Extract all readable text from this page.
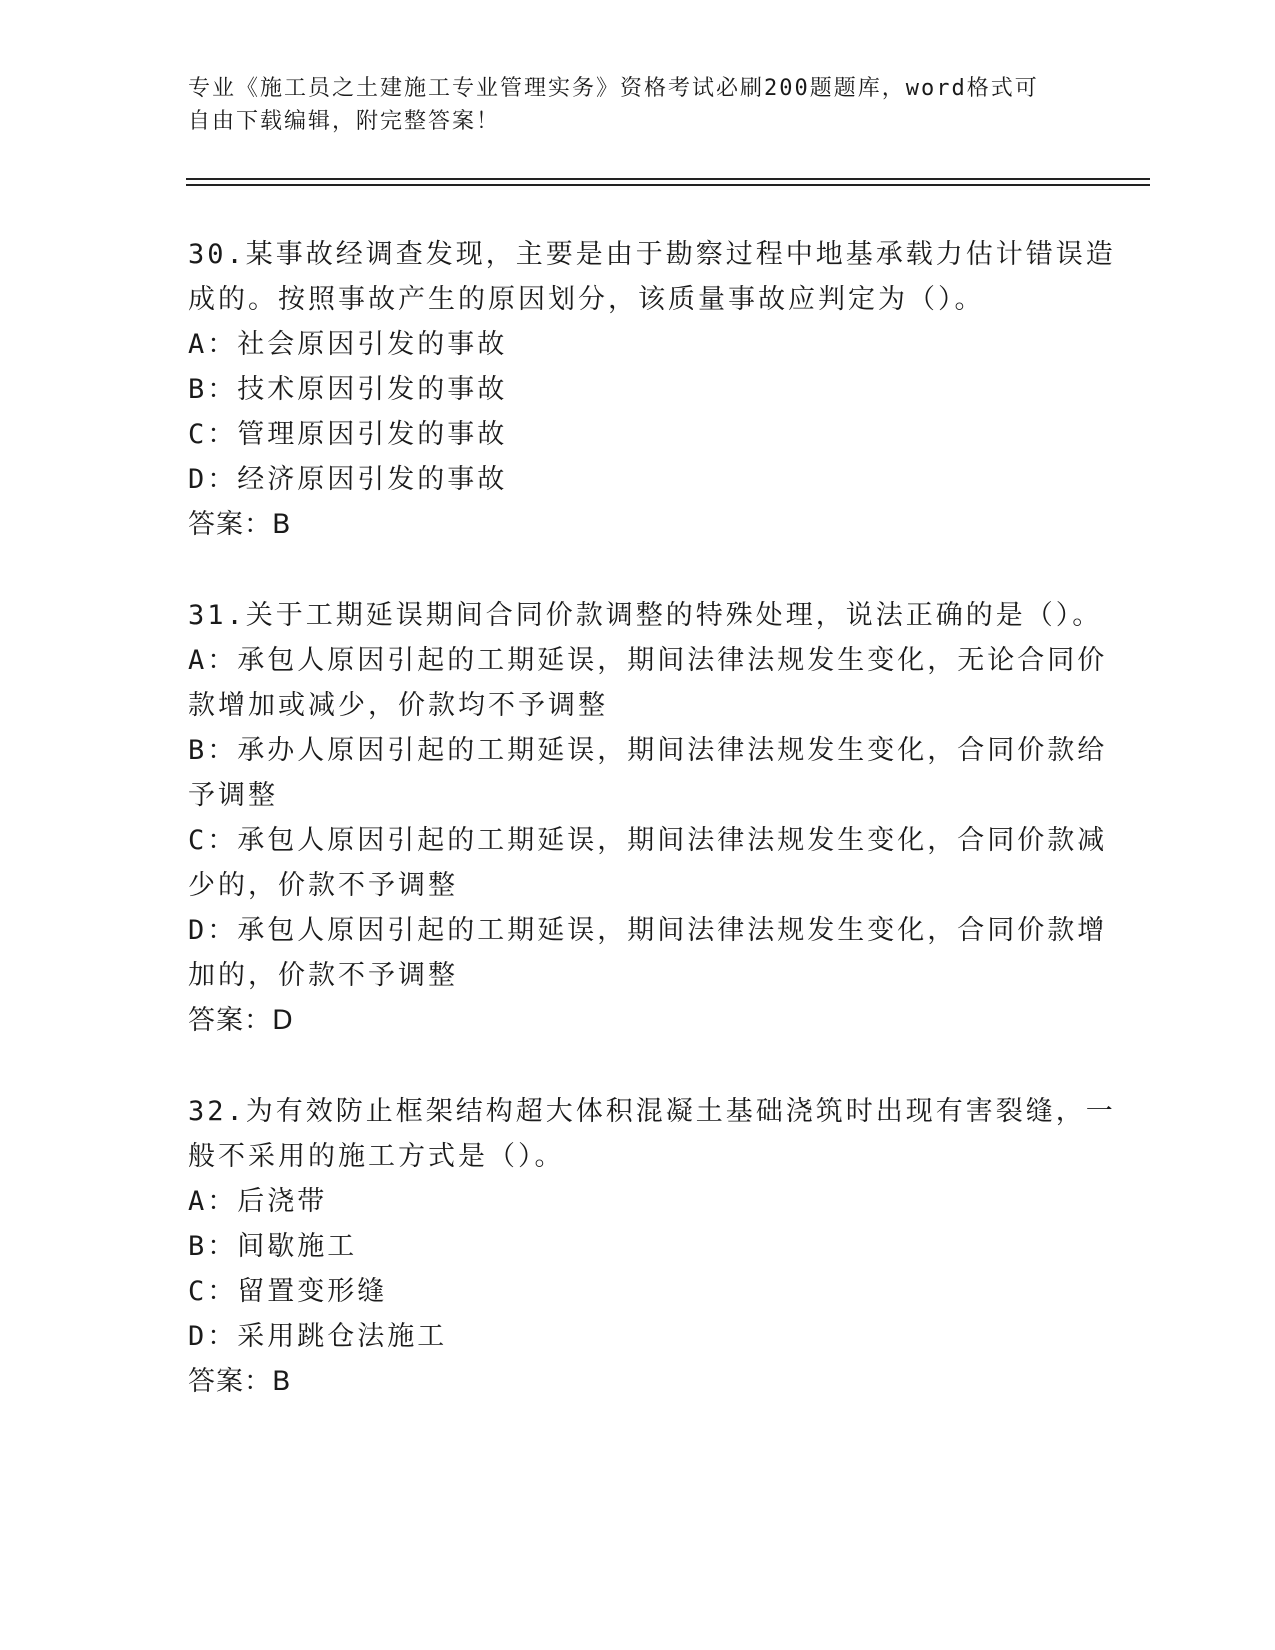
专业《施工员之土建施工专业管理实务》资格考试必刷200题题库，word格式可
自由下载编辑，附完整答案！
30.某事故经调查发现，主要是由于勘察过程中地基承载力估计错误造
成的。按照事故产生的原因划分，该质量事故应判定为（）。
A：社会原因引发的事故
B：技术原因引发的事故
C：管理原因引发的事故
D：经济原因引发的事故
答案：B
31.关于工期延误期间合同价款调整的特殊处理，说法正确的是（）。
A：承包人原因引起的工期延误，期间法律法规发生变化，无论合同价
款增加或减少，价款均不予调整
B：承办人原因引起的工期延误，期间法律法规发生变化，合同价款给
予调整
C：承包人原因引起的工期延误，期间法律法规发生变化，合同价款减
少的，价款不予调整
D：承包人原因引起的工期延误，期间法律法规发生变化，合同价款增
加的，价款不予调整
答案：D
32.为有效防止框架结构超大体积混凝土基础浇筑时出现有害裂缝，一
般不采用的施工方式是（）。
A：后浇带
B：间歇施工
C：留置变形缝
D：采用跳仓法施工
答案：B
